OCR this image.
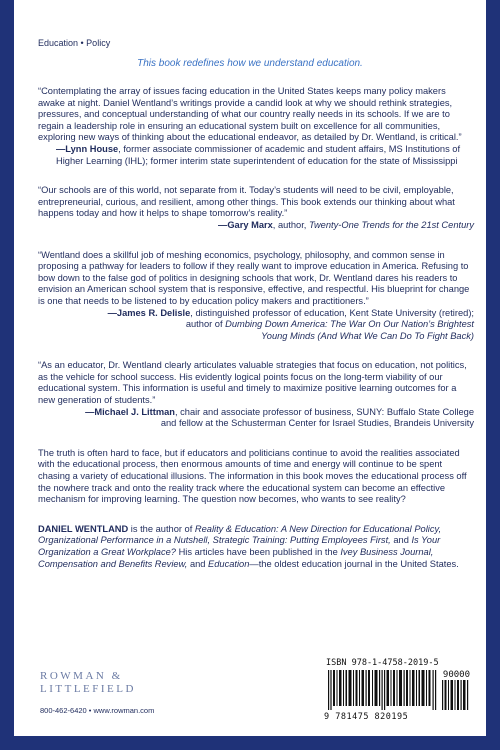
Education • Policy
This book redefines how we understand education.

“Contemplating the array of issues facing education in the United States keeps many policy makers awake at night. Daniel Wentland’s writings provide a candid look at why we should rethink strategies, pressures, and conceptual understanding of what our country really needs in its schools. If we are to regain a leadership role in ensuring an educational system built on excellence for all communities, exploring new ways of thinking about the educational endeavor, as detailed by Dr. Wentland, is critical.”

—Lynn House, former associate commissioner of academic and student affairs, MS Institutions of Higher Learning (IHL); former interim state superintendent of education for the state of Mississippi

“Our schools are of this world, not separate from it. Today’s students will need to be civil, employable, entrepreneurial, curious, and resilient, among other things. This book extends our thinking about what happens today and how it helps to shape tomorrow’s reality.”

—Gary Marx, author, Twenty-One Trends for the 21st Century

“Wentland does a skillful job of meshing economics, psychology, philosophy, and common sense in proposing a pathway for leaders to follow if they really want to improve education in America. Refusing to bow down to the false god of politics in designing schools that work, Dr. Wentland dares his readers to envision an American school system that is responsive, effective, and respectful. His blueprint for change is one that needs to be listened to by education policy makers and practitioners.”

—James R. Delisle, distinguished professor of education, Kent State University (retired);

author of Dumbing Down America: The War On Our Nation’s Brightest Young Minds (And What We Can Do To Fight Back)

“As an educator, Dr. Wentland clearly articulates valuable strategies that focus on education, not politics, as the vehicle for school success. His evidently logical points focus on the long-term viability of our educational system. This information is useful and timely to maximize positive learning outcomes for a new generation of students.”

—Michael J. Littman, chair and associate professor of business, SUNY: Buffalo State College

and fellow at the Schusterman Center for Israel Studies, Brandeis University

The truth is often hard to face, but if educators and politicians continue to avoid the realities associated with the educational process, then enormous amounts of time and energy will continue to be spent chasing a variety of educational illusions. The information in this book moves the educational process off the nowhere track and onto the reality track where the educational system can become an effective mechanism for improving learning. The question now becomes, who wants to see reality?

DANIEL WENTLAND is the author of Reality & Education: A New Direction for Educational Policy, Organizational Performance in a Nutshell, Strategic Training: Putting Employees First, and Is Your Organization a Great Workplace? His articles have been published in the Ivey Business Journal, Compensation and Benefits Review, and Education—the oldest education journal in the United States.

ROWMAN &
LITTLEFIELD
800-462-6420 • www.rowman.com
ISBN 978-1-4758-2019-5
90000
9 781475 820195
